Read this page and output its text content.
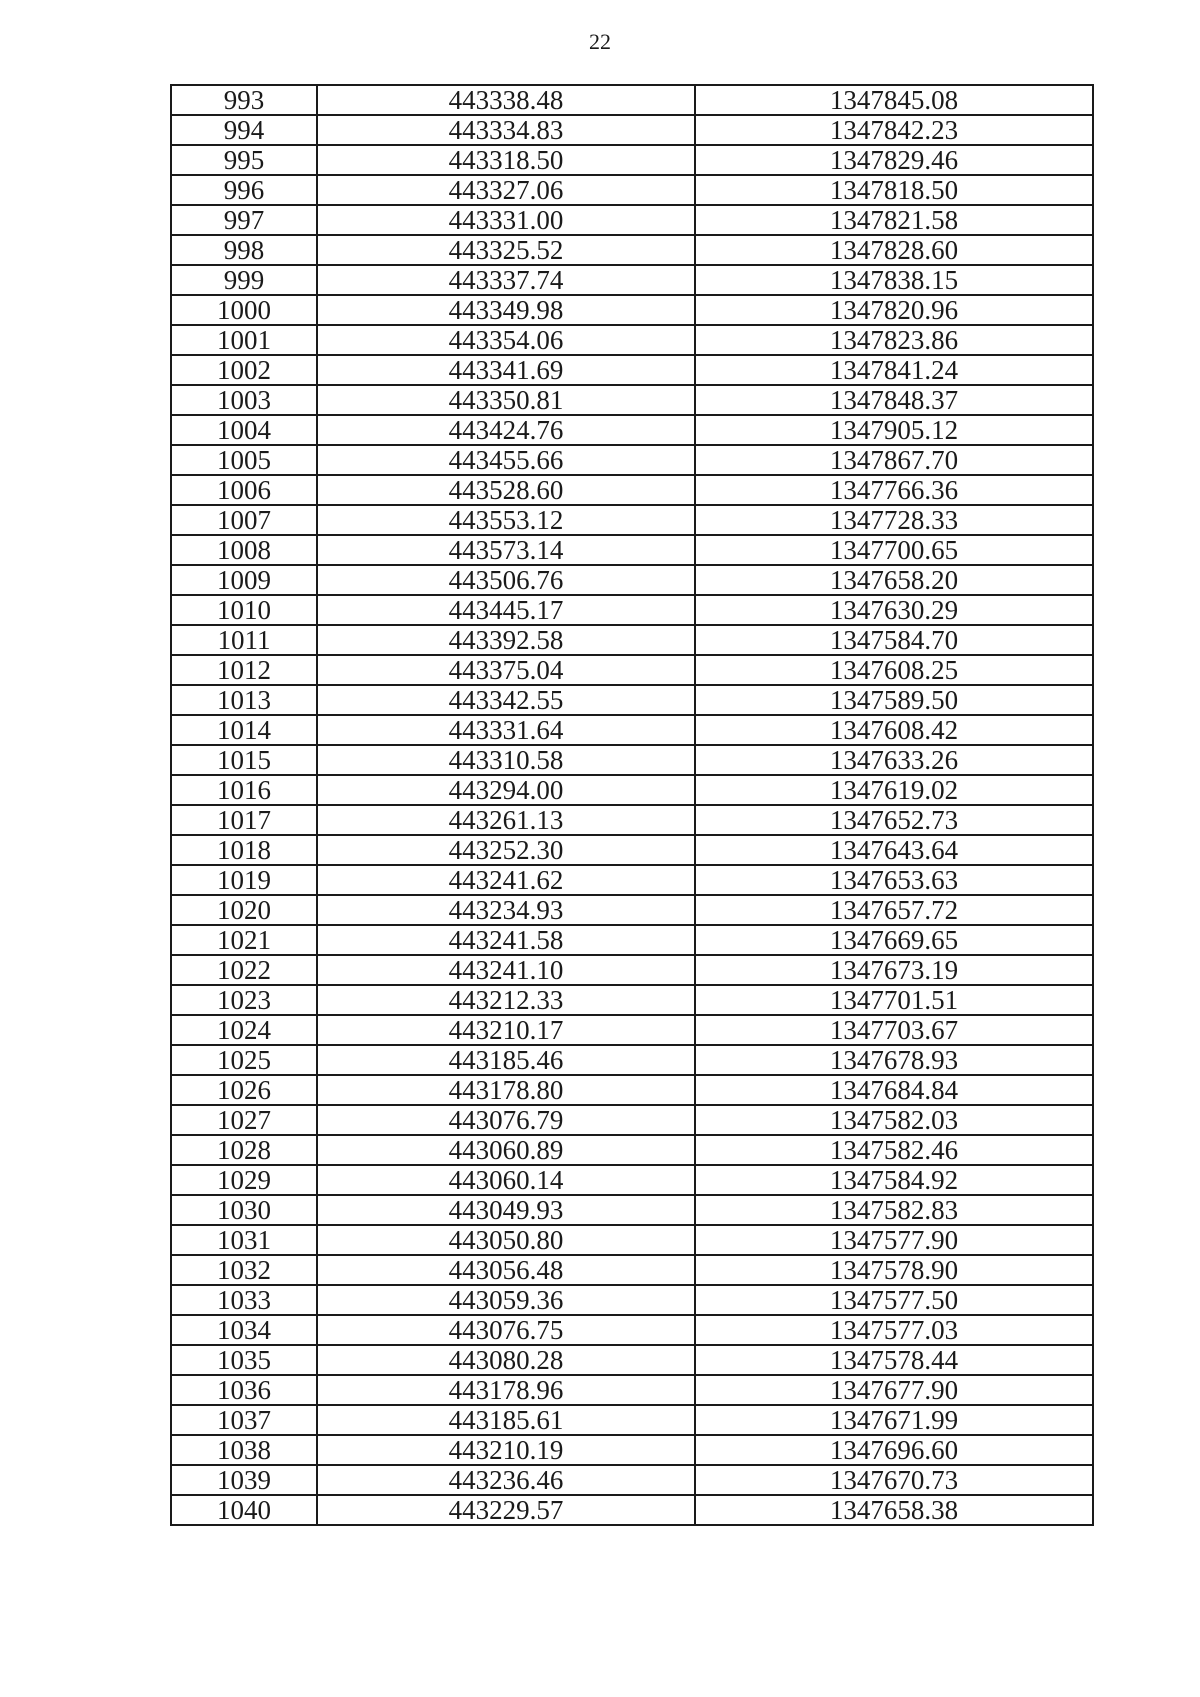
22
993	443338.48	1347845.08
994	443334.83	1347842.23
995	443318.50	1347829.46
996	443327.06	1347818.50
997	443331.00	1347821.58
998	443325.52	1347828.60
999	443337.74	1347838.15
1000	443349.98	1347820.96
1001	443354.06	1347823.86
1002	443341.69	1347841.24
1003	443350.81	1347848.37
1004	443424.76	1347905.12
1005	443455.66	1347867.70
1006	443528.60	1347766.36
1007	443553.12	1347728.33
1008	443573.14	1347700.65
1009	443506.76	1347658.20
1010	443445.17	1347630.29
1011	443392.58	1347584.70
1012	443375.04	1347608.25
1013	443342.55	1347589.50
1014	443331.64	1347608.42
1015	443310.58	1347633.26
1016	443294.00	1347619.02
1017	443261.13	1347652.73
1018	443252.30	1347643.64
1019	443241.62	1347653.63
1020	443234.93	1347657.72
1021	443241.58	1347669.65
1022	443241.10	1347673.19
1023	443212.33	1347701.51
1024	443210.17	1347703.67
1025	443185.46	1347678.93
1026	443178.80	1347684.84
1027	443076.79	1347582.03
1028	443060.89	1347582.46
1029	443060.14	1347584.92
1030	443049.93	1347582.83
1031	443050.80	1347577.90
1032	443056.48	1347578.90
1033	443059.36	1347577.50
1034	443076.75	1347577.03
1035	443080.28	1347578.44
1036	443178.96	1347677.90
1037	443185.61	1347671.99
1038	443210.19	1347696.60
1039	443236.46	1347670.73
1040	443229.57	1347658.38
